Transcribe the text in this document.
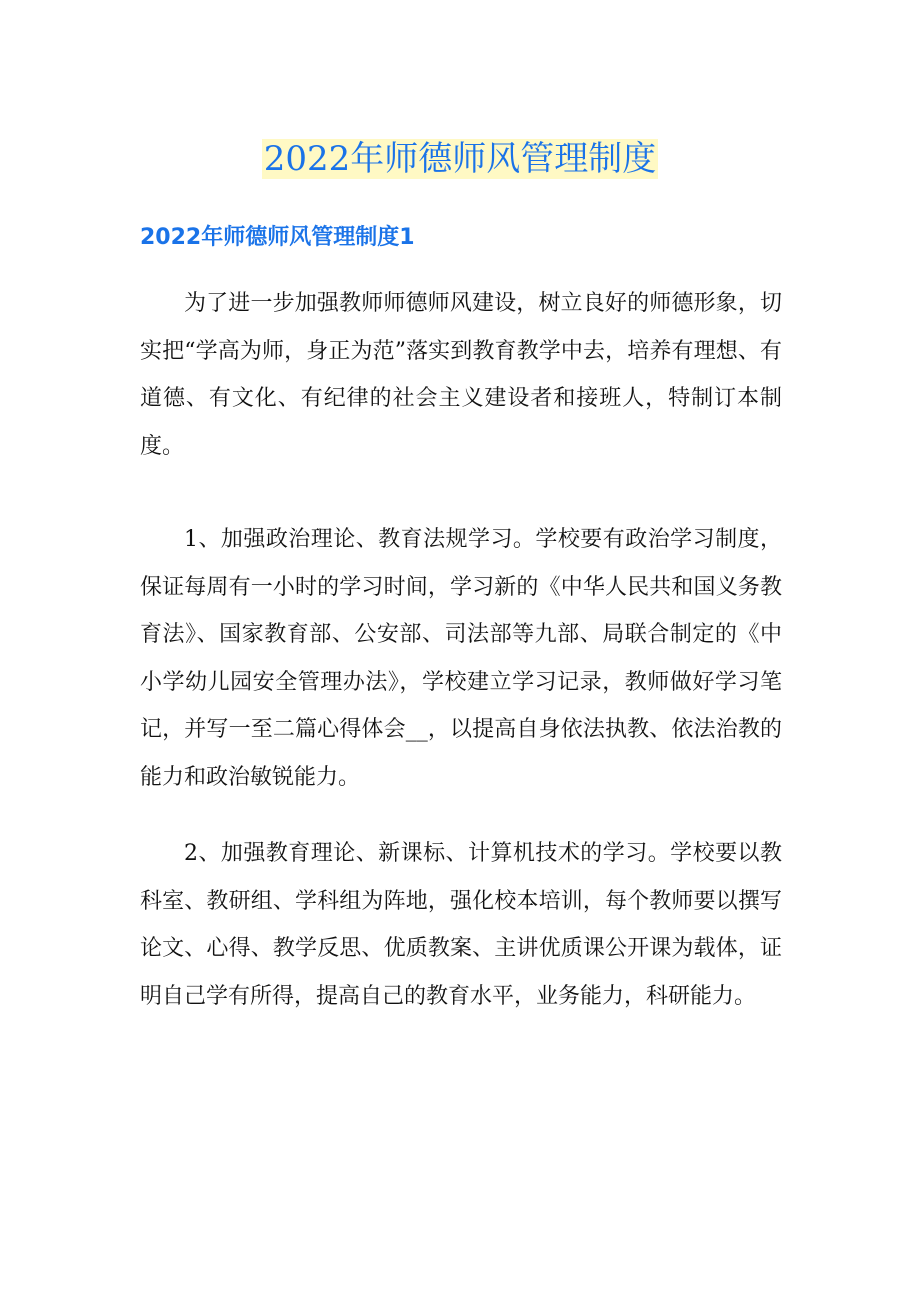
2022年师德师风管理制度
2022年师德师风管理制度1

为了进一步加强教师师德师风建设，树立良好的师德形象，切实把“学高为师，身正为范”落实到教育教学中去，培养有理想、有道德、有文化、有纪律的社会主义建设者和接班人，特制订本制度。

1、加强政治理论、教育法规学习。学校要有政治学习制度，保证每周有一小时的学习时间，学习新的《中华人民共和国义务教育法》、国家教育部、公安部、司法部等九部、局联合制定的《中小学幼儿园安全管理办法》，学校建立学习记录，教师做好学习笔记，并写一至二篇心得体会__，以提高自身依法执教、依法治教的能力和政治敏锐能力。

2、加强教育理论、新课标、计算机技术的学习。学校要以教科室、教研组、学科组为阵地，强化校本培训，每个教师要以撰写论文、心得、教学反思、优质教案、主讲优质课公开课为载体，证明自己学有所得，提高自己的教育水平，业务能力，科研能力。
